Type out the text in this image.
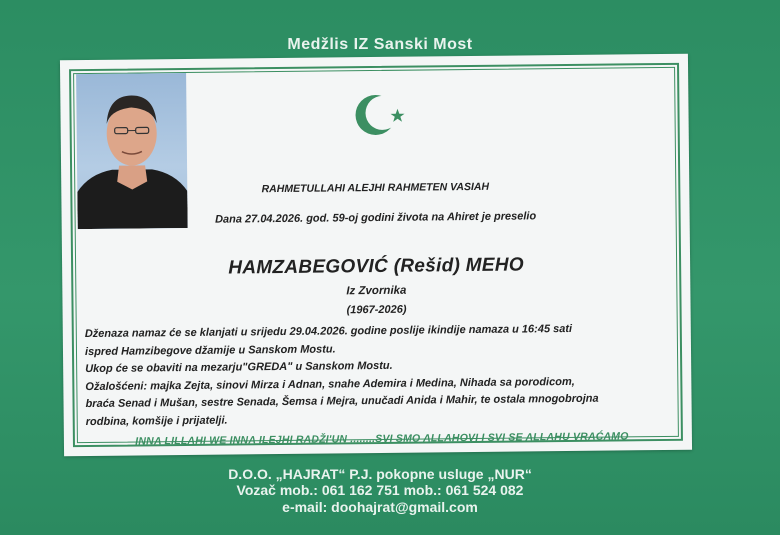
Medžlis IZ Sanski Most
RAHMETULLAHI ALEJHI RAHMETEN VASIAH
Dana 27.04.2026. god. 59-oj godini života na Ahiret je preselio
HAMZABEGOVIĆ (Rešid) MEHO
Iz Zvornika
(1967-2026)
Dženaza namaz će se klanjati u srijedu 29.04.2026. godine poslije ikindije namaza u 16:45 sati
ispred Hamzibegove džamije u Sanskom Mostu.
Ukop će se obaviti na mezarju"GREDA" u Sanskom Mostu.
Ožalošćeni: majka Zejta, sinovi Mirza i Adnan, snahe Ademira i Medina, Nihada sa porodicom,
braća Senad i Mušan, sestre Senada, Šemsa i Mejra, unučadi Anida i Mahir, te ostala mnogobrojna
rodbina, komšije i prijatelji.
INNA LILLAHI WE INNA ILEJHI RADŽI'UN ........SVI SMO ALLAHOVI I SVI SE ALLAHU VRAĆAMO
D.O.O. „HAJRAT“ P.J. pokopne usluge „NUR“
Vozač mob.: 061 162 751 mob.: 061 524 082
e-mail: doohajrat@gmail.com
